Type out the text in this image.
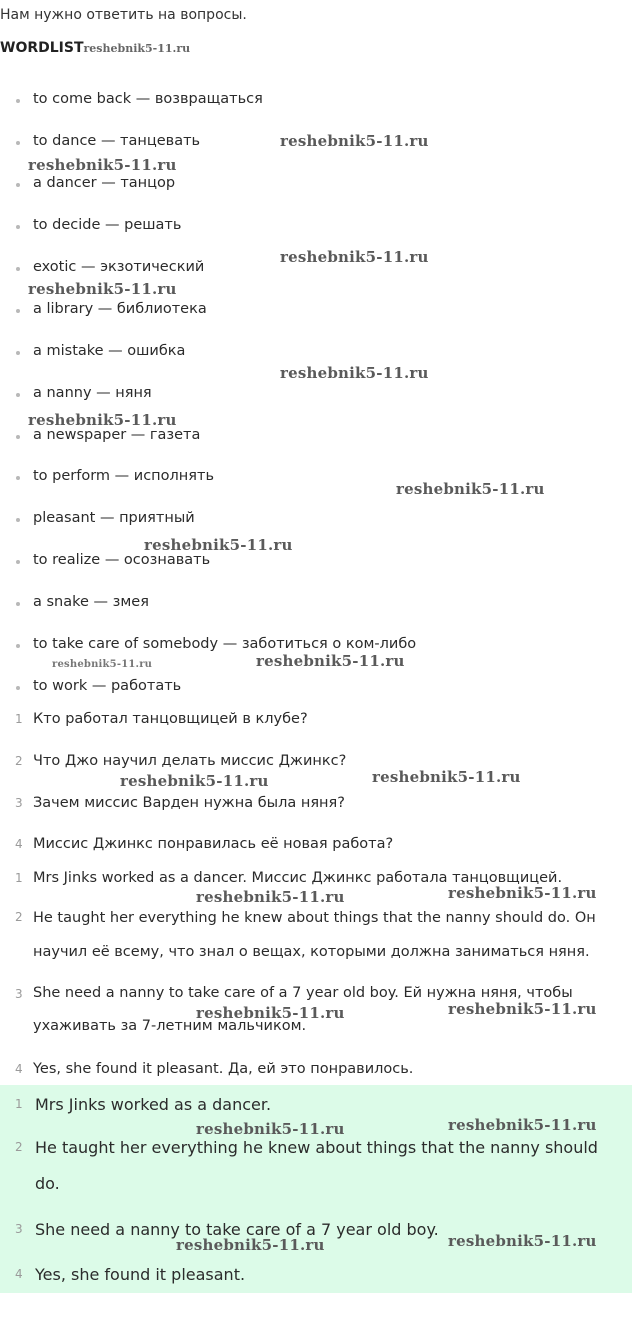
Нам нужно ответить на вопросы.
WORDLISTreshebnik5-11.ru
to come back — возвращаться
to dance — танцевать
a dancer — танцор
to decide — решать
exotic — экзотический
a library — библиотека
a mistake — ошибка
a nanny — няня
a newspaper — газета
to perform — исполнять
pleasant — приятный
to realize — осознавать
a snake — змея
to take care of somebody — заботиться о ком-либо
to work — работать
1 Кто работал танцовщицей в клубе?
2 Что Джо научил делать миссис Джинкс?
3 Зачем миссис Варден нужна была няня?
4 Миссис Джинкс понравилась её новая работа?
1 Mrs Jinks worked as a dancer. Миссис Джинкс работала танцовщицей.
2 He taught her everything he knew about things that the nanny should do. Он научил её всему, что знал о вещах, которыми должна заниматься няня.
3 She need a nanny to take care of a 7 year old boy. Ей нужна няня, чтобы ухаживать за 7-летним мальчиком.
4 Yes, she found it pleasant. Да, ей это понравилось.
1 Mrs Jinks worked as a dancer.
2 He taught her everything he knew about things that the nanny should do.
3 She need a nanny to take care of a 7 year old boy.
4 Yes, she found it pleasant.
reshebnik5-11.ru
reshebnik5-11.ru
reshebnik5-11.ru
reshebnik5-11.ru
reshebnik5-11.ru
reshebnik5-11.ru
reshebnik5-11.ru
reshebnik5-11.ru
reshebnik5-11.ru	reshebnik5-11.ru
reshebnik5-11.ru	reshebnik5-11.ru
reshebnik5-11.ru	reshebnik5-11.ru
reshebnik5-11.ru	reshebnik5-11.ru
reshebnik5-11.ru	reshebnik5-11.ru
reshebnik5-11.ru	reshebnik5-11.ru
